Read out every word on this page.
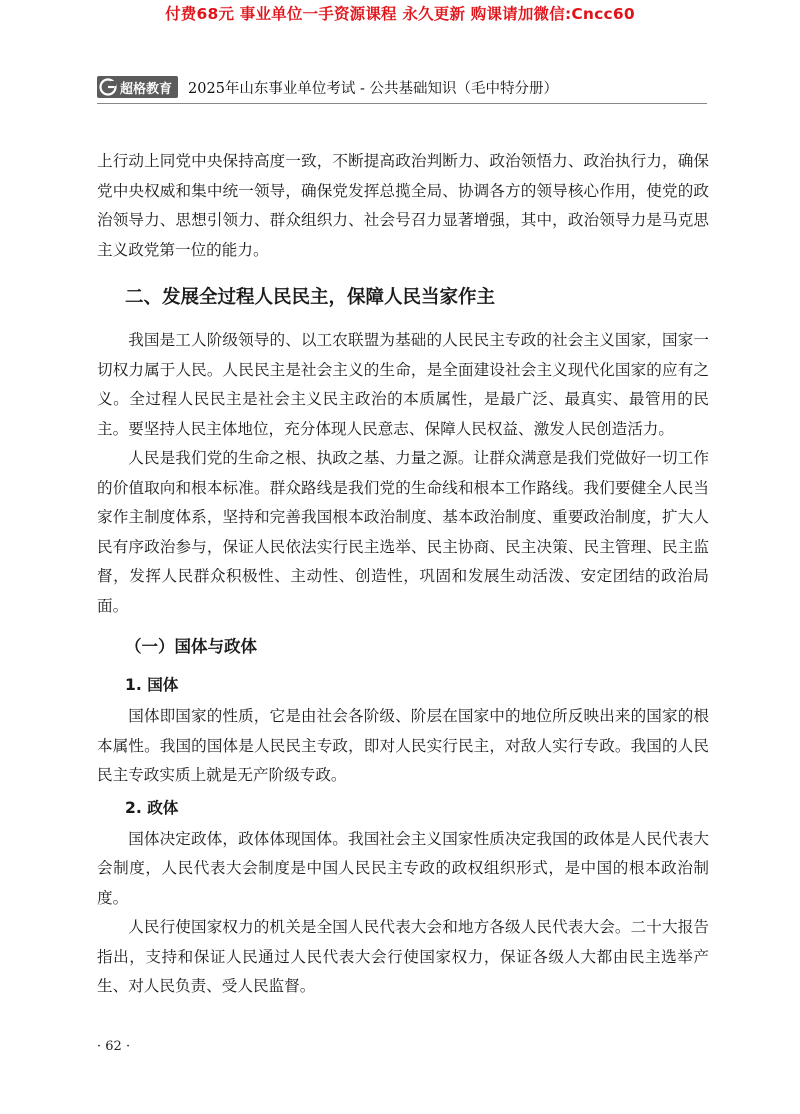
付费68元 事业单位一手资源课程 永久更新 购课请加微信:Cncc60
超格教育 2025年山东事业单位考试 - 公共基础知识（毛中特分册）

上行动上同党中央保持高度一致，不断提高政治判断力、政治领悟力、政治执行力，确保党中央权威和集中统一领导，确保党发挥总揽全局、协调各方的领导核心作用，使党的政治领导力、思想引领力、群众组织力、社会号召力显著增强，其中，政治领导力是马克思主义政党第一位的能力。

二、发展全过程人民民主，保障人民当家作主

我国是工人阶级领导的、以工农联盟为基础的人民民主专政的社会主义国家，国家一切权力属于人民。人民民主是社会主义的生命，是全面建设社会主义现代化国家的应有之义。全过程人民民主是社会主义民主政治的本质属性，是最广泛、最真实、最管用的民主。要坚持人民主体地位，充分体现人民意志、保障人民权益、激发人民创造活力。

人民是我们党的生命之根、执政之基、力量之源。让群众满意是我们党做好一切工作的价值取向和根本标准。群众路线是我们党的生命线和根本工作路线。我们要健全人民当家作主制度体系，坚持和完善我国根本政治制度、基本政治制度、重要政治制度，扩大人民有序政治参与，保证人民依法实行民主选举、民主协商、民主决策、民主管理、民主监督，发挥人民群众积极性、主动性、创造性，巩固和发展生动活泼、安定团结的政治局面。

（一）国体与政体
1. 国体

国体即国家的性质，它是由社会各阶级、阶层在国家中的地位所反映出来的国家的根本属性。我国的国体是人民民主专政，即对人民实行民主，对敌人实行专政。我国的人民民主专政实质上就是无产阶级专政。

2. 政体

国体决定政体，政体体现国体。我国社会主义国家性质决定我国的政体是人民代表大会制度，人民代表大会制度是中国人民民主专政的政权组织形式，是中国的根本政治制度。

人民行使国家权力的机关是全国人民代表大会和地方各级人民代表大会。二十大报告指出，支持和保证人民通过人民代表大会行使国家权力，保证各级人大都由民主选举产生、对人民负责、受人民监督。

· 62 ·
